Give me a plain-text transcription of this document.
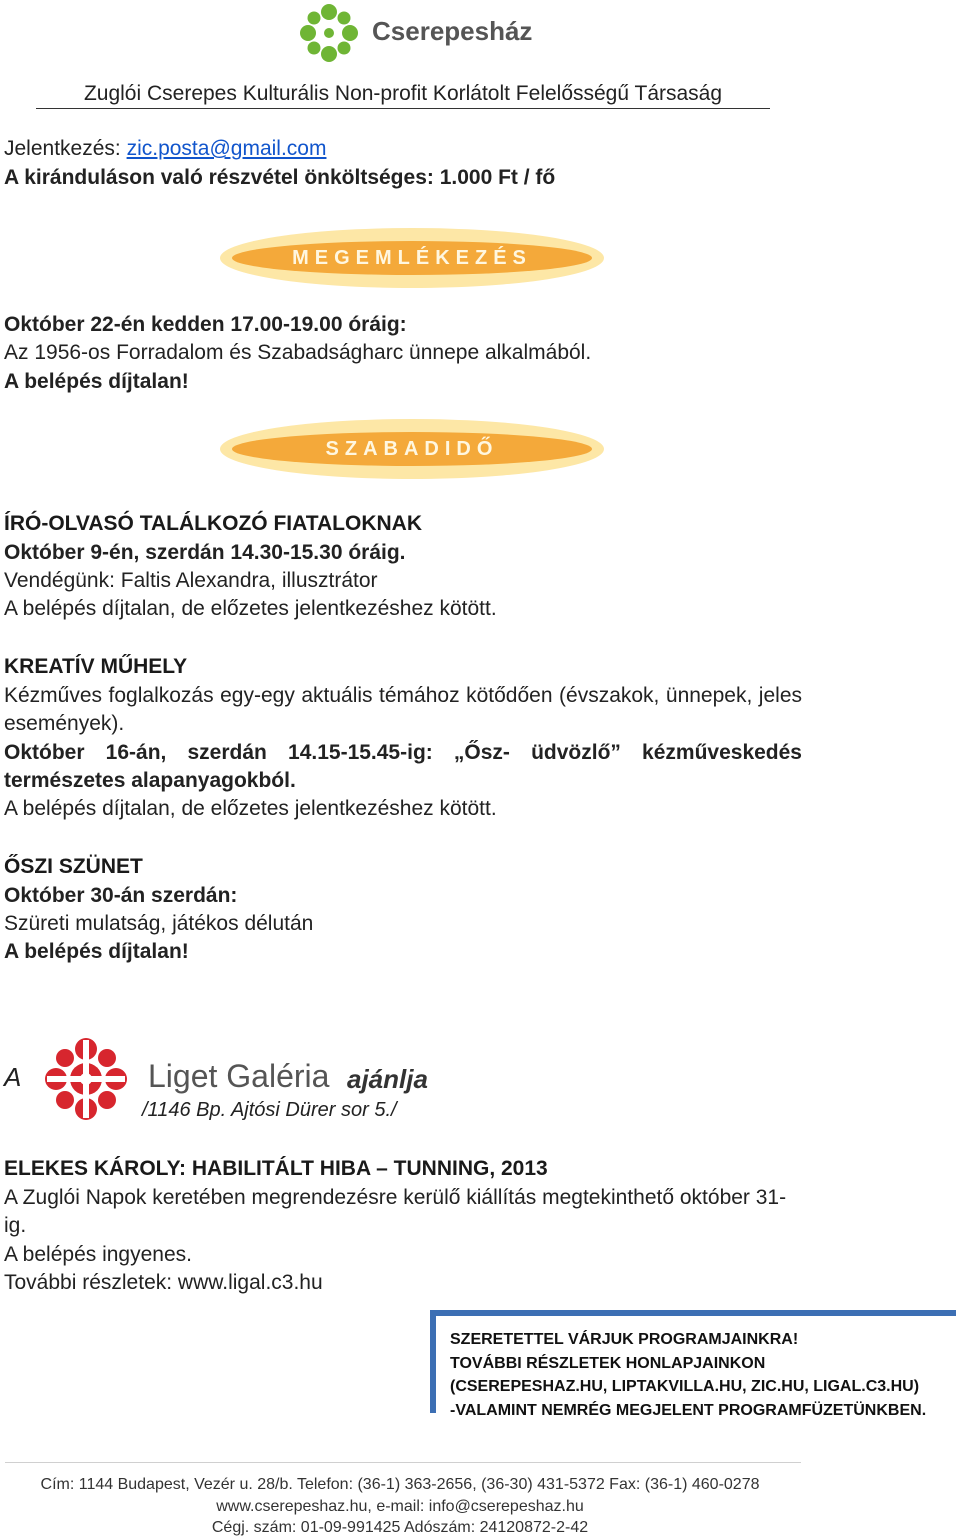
Cserepesház
Zuglói Cserepes Kulturális Non-profit Korlátolt Felelősségű Társaság
Jelentkezés: zic.posta@gmail.com
A kiránduláson való részvétel önköltséges: 1.000 Ft / fő
MEGEMLÉKEZÉS
Október 22-én kedden 17.00-19.00 óráig:
Az 1956-os Forradalom és Szabadságharc ünnepe alkalmából.
A belépés díjtalan!
SZABADIDŐ
ÍRÓ-OLVASÓ TALÁLKOZÓ FIATALOKNAK
Október 9-én, szerdán 14.30-15.30 óráig.
Vendégünk: Faltis Alexandra, illusztrátor
A belépés díjtalan, de előzetes jelentkezéshez kötött.
KREATÍV MŰHELY
Kézműves foglalkozás egy-egy aktuális témához kötődően (évszakok, ünnepek, jeles események).
Október 16-án, szerdán 14.15-15.45-ig: „Ősz- üdvözlő” kézműveskedés természetes alapanyagokból.
A belépés díjtalan, de előzetes jelentkezéshez kötött.
ŐSZI SZÜNET
Október 30-án szerdán:
Szüreti mulatság, játékos délután
A belépés díjtalan!
A	Liget Galéria ajánlja
/1146 Bp. Ajtósi Dürer sor 5./
ELEKES KÁROLY: HABILITÁLT HIBA – TUNNING, 2013
A Zuglói Napok keretében megrendezésre kerülő kiállítás megtekinthető október 31-ig.
A belépés ingyenes.
További részletek: www.ligal.c3.hu
SZERETETTEL VÁRJUK PROGRAMJAINKRA!
TOVÁBBI RÉSZLETEK HONLAPJAINKON
(CSEREPESHAZ.HU, LIPTAKVILLA.HU, ZIC.HU, LIGAL.C3.HU)
-VALAMINT NEMRÉG MEGJELENT PROGRAMFÜZETÜNKBEN.
Cím: 1144 Budapest, Vezér u. 28/b. Telefon: (36-1) 363-2656, (36-30) 431-5372 Fax: (36-1) 460-0278
www.cserepeshaz.hu, e-mail: info@cserepeshaz.hu
Cégj. szám: 01-09-991425 Adószám: 24120872-2-42
